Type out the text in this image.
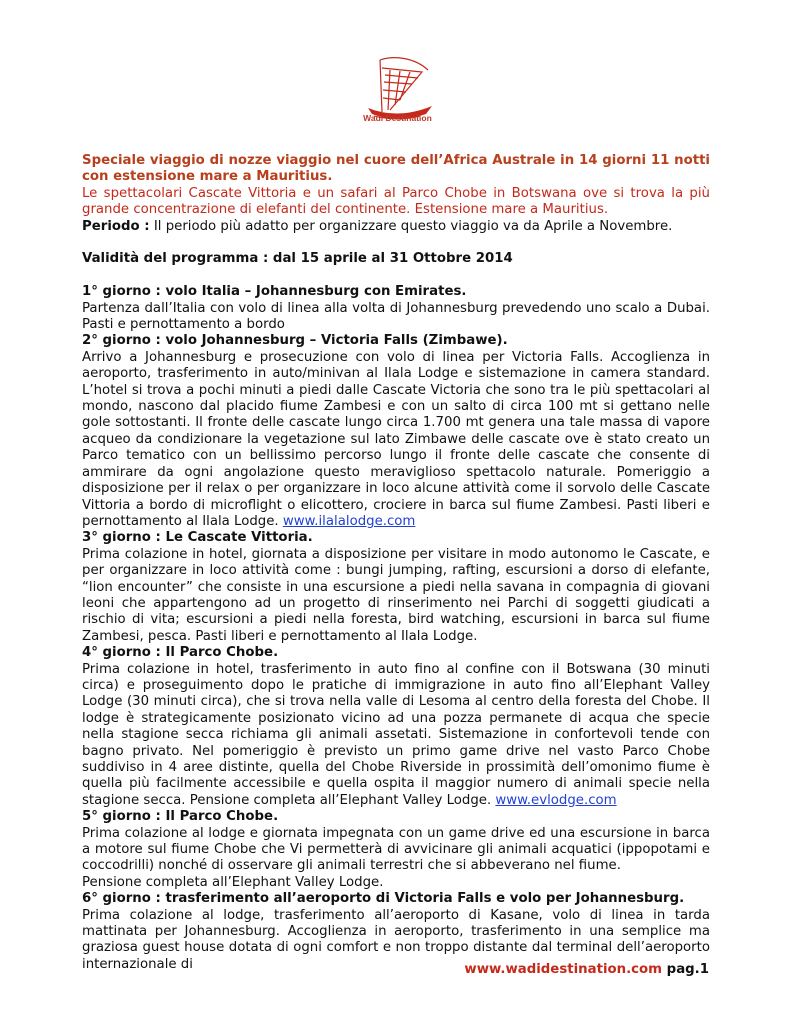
Wadi Destination

Speciale viaggio di nozze viaggio nel cuore dell’Africa Australe in 14 giorni 11 notti con estensione mare a Mauritius.

Le spettacolari Cascate Vittoria e un safari al Parco Chobe in Botswana ove si trova la più grande concentrazione di elefanti del continente. Estensione mare a Mauritius.

Periodo : Il periodo più adatto per organizzare questo viaggio va da Aprile a Novembre.

Validità del programma : dal 15 aprile al 31 Ottobre 2014

1° giorno : volo Italia – Johannesburg con Emirates.

Partenza dall’Italia con volo di linea alla volta di Johannesburg prevedendo uno scalo a Dubai. Pasti e pernottamento a bordo

2° giorno : volo Johannesburg – Victoria Falls (Zimbawe).

Arrivo a Johannesburg e prosecuzione con volo di linea per Victoria Falls. Accoglienza in aeroporto, trasferimento in auto/minivan al Ilala Lodge e sistemazione in camera standard. L’hotel si trova a pochi minuti a piedi dalle Cascate Victoria che sono tra le più spettacolari al mondo, nascono dal placido fiume Zambesi e con un salto di circa 100 mt si gettano nelle gole sottostanti. Il fronte delle cascate lungo circa 1.700 mt genera una tale massa di vapore acqueo da condizionare la vegetazione sul lato Zimbawe delle cascate ove è stato creato un Parco tematico con un bellissimo percorso lungo il fronte delle cascate che consente di ammirare da ogni angolazione questo meraviglioso spettacolo naturale. Pomeriggio a disposizione per il relax o per organizzare in loco alcune attività come il sorvolo delle Cascate Vittoria a bordo di microflight o elicottero, crociere in barca sul fiume Zambesi. Pasti liberi e pernottamento al Ilala Lodge. www.ilalalodge.com

3° giorno : Le Cascate Vittoria.

Prima colazione in hotel, giornata a disposizione per visitare in modo autonomo le Cascate, e per organizzare in loco attività come : bungi jumping, rafting, escursioni a dorso di elefante, “lion encounter” che consiste in una escursione a piedi nella savana in compagnia di giovani leoni che appartengono ad un progetto di rinserimento nei Parchi di soggetti giudicati a rischio di vita; escursioni a piedi nella foresta, bird watching, escursioni in barca sul fiume Zambesi, pesca. Pasti liberi e pernottamento al Ilala Lodge.

4° giorno : Il Parco Chobe.

Prima colazione in hotel, trasferimento in auto fino al confine con il Botswana (30 minuti circa) e proseguimento dopo le pratiche di immigrazione in auto fino all’Elephant Valley Lodge (30 minuti circa), che si trova nella valle di Lesoma al centro della foresta del Chobe. Il lodge è strategicamente posizionato vicino ad una pozza permanete di acqua che specie nella stagione secca richiama gli animali assetati. Sistemazione in confortevoli tende con bagno privato. Nel pomeriggio è previsto un primo game drive nel vasto Parco Chobe suddiviso in 4 aree distinte, quella del Chobe Riverside in prossimità dell’omonimo fiume è quella più facilmente accessibile e quella ospita il maggior numero di animali specie nella stagione secca. Pensione completa all’Elephant Valley Lodge. www.evlodge.com

5° giorno : Il Parco Chobe.

Prima colazione al lodge e giornata impegnata con un game drive ed una escursione in barca a motore sul fiume Chobe che Vi permetterà di avvicinare gli animali acquatici (ippopotami e coccodrilli) nonché di osservare gli animali terrestri che si abbeverano nel fiume.

Pensione completa all’Elephant Valley Lodge.

6° giorno : trasferimento all’aeroporto di Victoria Falls e volo per Johannesburg.

Prima colazione al lodge, trasferimento all’aeroporto di Kasane, volo di linea in tarda mattinata per Johannesburg. Accoglienza in aeroporto, trasferimento in una semplice ma graziosa guest house dotata di ogni comfort e non troppo distante dal terminal dell’aeroporto internazionale di	www.wadidestination.com pag.1
